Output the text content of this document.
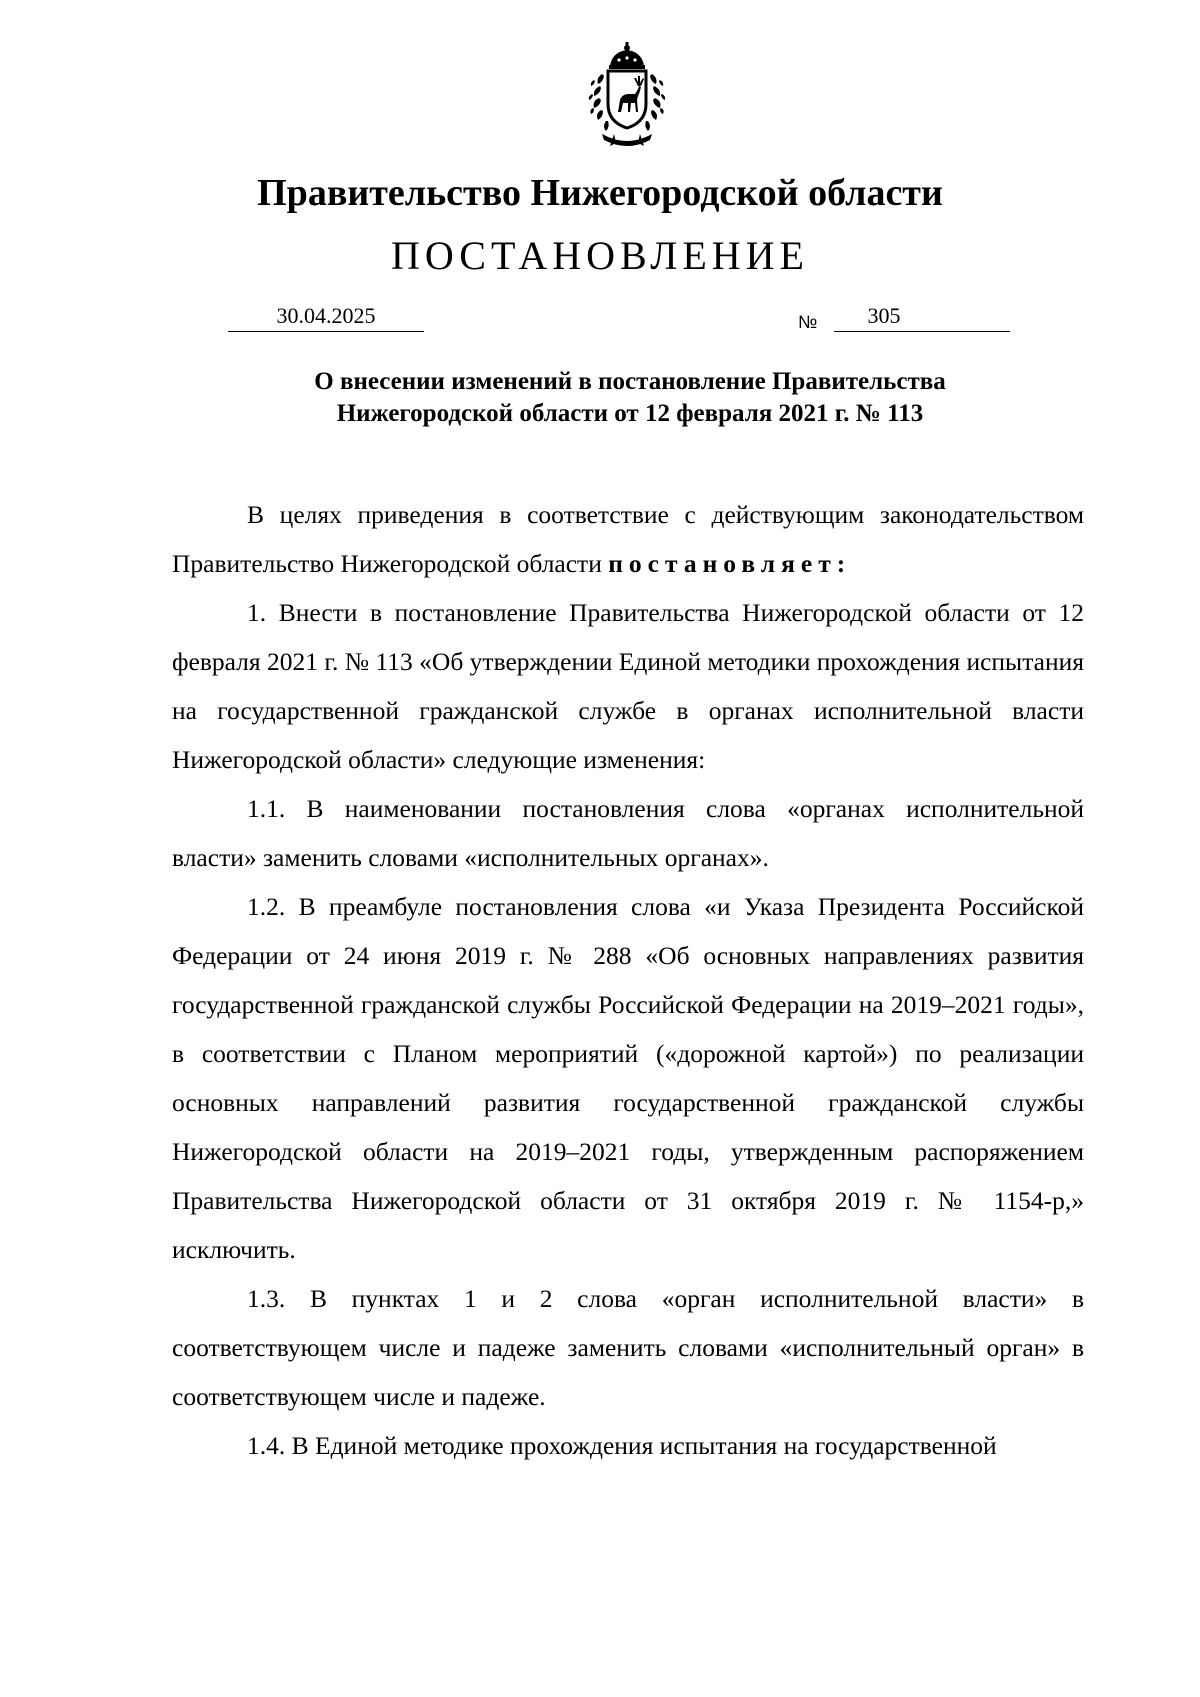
Правительство Нижегородской области
ПОСТАНОВЛЕНИЕ
30.04.2025	№	305
О внесении изменений в постановление Правительства
Нижегородской области от 12 февраля 2021 г. № 113

В целях приведения в соответствие с действующим законодательством Правительство Нижегородской области постановляет:

1. Внести в постановление Правительства Нижегородской области от 12 февраля 2021 г. № 113 «Об утверждении Единой методики прохождения испытания на государственной гражданской службе в органах исполнительной власти Нижегородской области» следующие изменения:

1.1. В наименовании постановления слова «органах исполнительной власти» заменить словами «исполнительных органах».

1.2. В преамбуле постановления слова «и Указа Президента Российской Федерации от 24 июня 2019 г. № 288 «Об основных направлениях развития государственной гражданской службы Российской Федерации на 2019–2021 годы», в соответствии с Планом мероприятий («дорожной картой») по реализации основных направлений развития государственной гражданской службы Нижегородской области на 2019–2021 годы, утвержденным распоряжением Правительства Нижегородской области от 31 октября 2019 г. № 1154-р,» исключить.

1.3. В пунктах 1 и 2 слова «орган исполнительной власти» в соответствующем числе и падеже заменить словами «исполнительный орган» в соответствующем числе и падеже.

1.4. В Единой методике прохождения испытания на государственной
